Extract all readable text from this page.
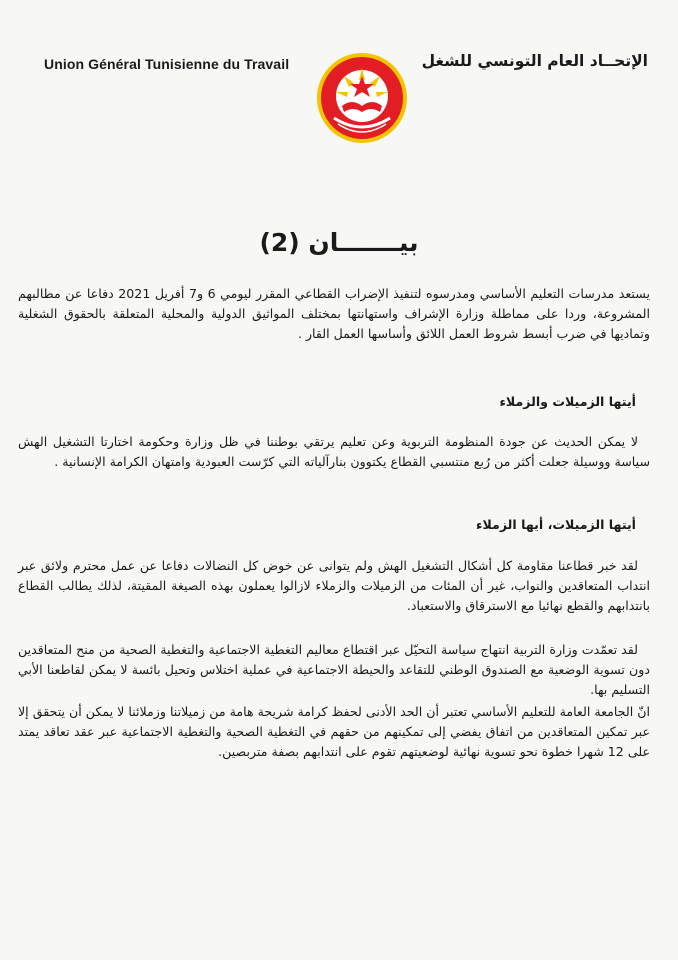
Union Général Tunisienne du Travail	الإتحــاد العام التونسي للشغل
بيـــــــان (2)

يستعد مدرسات التعليم الأساسي ومدرسوه لتنفيذ الإضراب القطاعي المقرر ليومي 6 و7 أفريل 2021 دفاعا عن مطالبهم المشروعة، وردا على مماطلة وزارة الإشراف واستهانتها بمختلف المواثيق الدولية والمحلية المتعلقة بالحقوق الشغلية وتماديها في ضرب أبسط شروط العمل اللائق وأساسها العمل القار .

أيتها الزميلات والزملاء

لا يمكن الحديث عن جودة المنظومة التربوية وعن تعليم يرتقي بوطننا في ظل وزارة وحكومة اختارتا التشغيل الهش سياسة ووسيلة جعلت أكثر من رُبع منتسبي القطاع يكتوون بنارآلياته التي كرّست العبودية وامتهان الكرامة الإنسانية .

أيتها الزميلات، أيها الزملاء

لقد خبر قطاعنا مقاومة كل أشكال التشغيل الهش ولم يتوانى عن خوض كل النضالات دفاعا عن عمل محترم ولائق عبر انتداب المتعاقدين والنواب، غير أن المئات من الزميلات والزملاء لازالوا يعملون بهذه الصيغة المقيتة، لذلك يطالب القطاع بانتدابهم والقطع نهائيا مع الاسترقاق والاستعباد.

لقد تعمّدت وزارة التربية انتهاج سياسة التحيّل عبر اقتطاع معاليم التغطية الاجتماعية والتغطية الصحية من منح المتعاقدين دون تسوية الوضعية مع الصندوق الوطني للتقاعد والحيطة الاجتماعية في عملية اختلاس وتحيل بائسة لا يمكن لقاطعنا الأبي التسليم بها.

انّ الجامعة العامة للتعليم الأساسي تعتبر أن الحد الأدنى لحفظ كرامة شريحة هامة من زميلاتنا وزملائنا لا يمكن أن يتحقق إلا عبر تمكين المتعاقدين من اتفاق يفضي إلى تمكينهم من حقهم في التغطية الصحية والتغطية الاجتماعية عبر عقد تعاقد يمتد على 12 شهرا خطوة نحو تسوية نهائية لوضعيتهم تقوم على انتدابهم بصفة متربصين.
